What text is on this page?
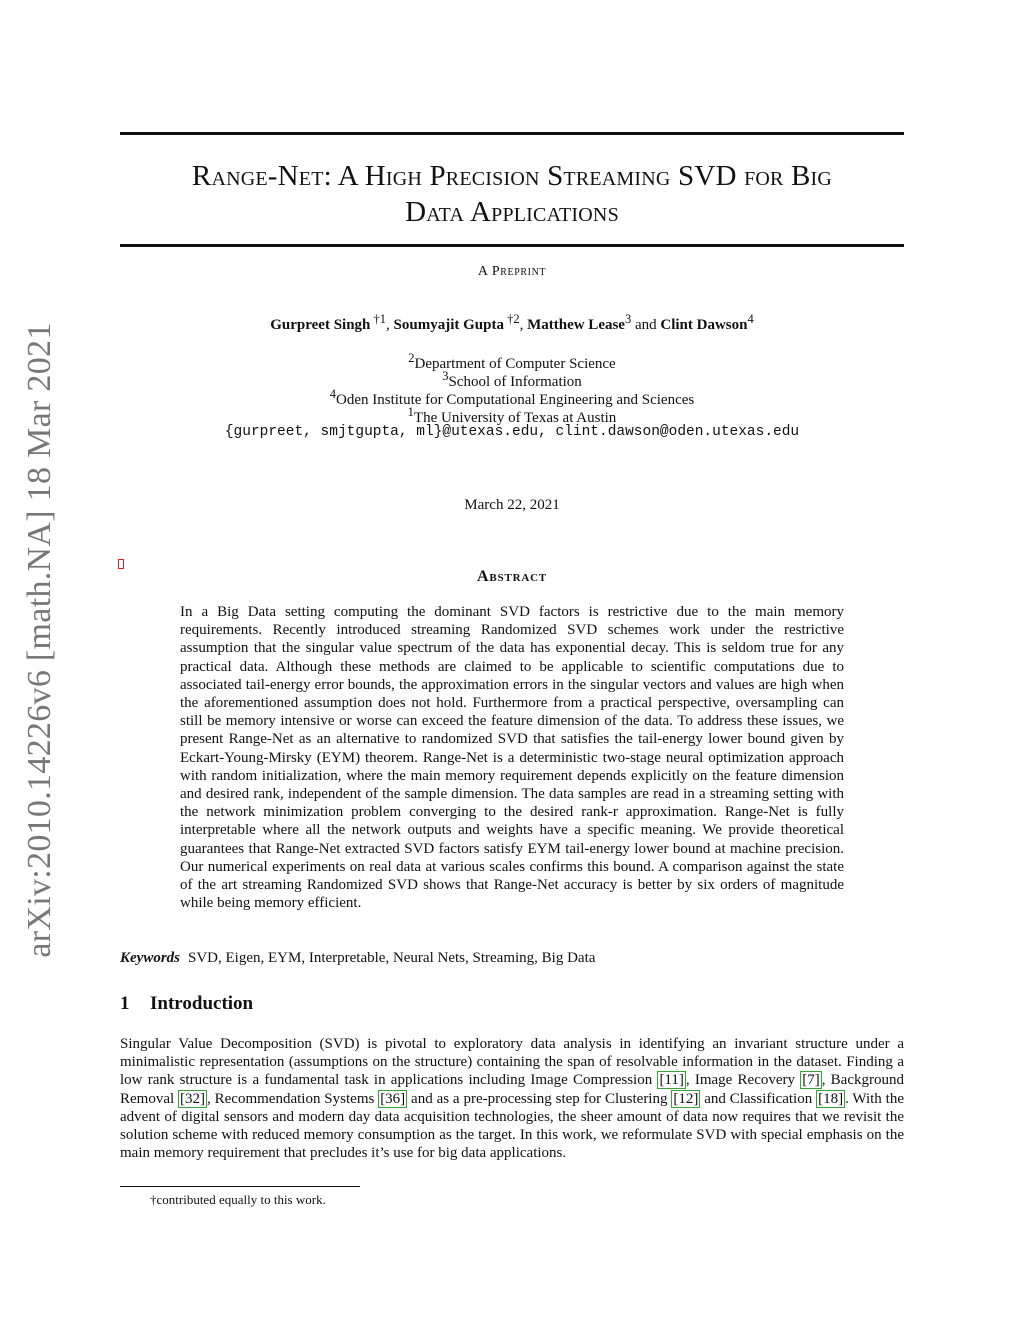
arXiv:2010.14226v6 [math.NA] 18 Mar 2021
Range-Net: A High Precision Streaming SVD for Big
Data Applications
A Preprint
Gurpreet Singh $^{\dagger 1}$, Soumyajit Gupta $^{\dagger 2}$, Matthew Lease$^3$ and Clint Dawson$^4$
$^2$Department of Computer Science
$^3$School of Information
$^4$Oden Institute for Computational Engineering and Sciences
$^1$The University of Texas at Austin
{gurpreet, smjtgupta, ml}@utexas.edu, clint.dawson@oden.utexas.edu
March 22, 2021
Abstract

In a Big Data setting computing the dominant SVD factors is restrictive due to the main memory requirements. Recently introduced streaming Randomized SVD schemes work under the restrictive assumption that the singular value spectrum of the data has exponential decay. This is seldom true for any practical data. Although these methods are claimed to be applicable to scientific computations due to associated tail-energy error bounds, the approximation errors in the singular vectors and values are high when the aforementioned assumption does not hold. Furthermore from a practical perspective, oversampling can still be memory intensive or worse can exceed the feature dimension of the data. To address these issues, we present Range-Net as an alternative to randomized SVD that satisfies the tail-energy lower bound given by Eckart-Young-Mirsky (EYM) theorem. Range-Net is a deterministic two-stage neural optimization approach with random initialization, where the main memory requirement depends explicitly on the feature dimension and desired rank, independent of the sample dimension. The data samples are read in a streaming setting with the network minimization problem converging to the desired rank-r approximation. Range-Net is fully interpretable where all the network outputs and weights have a specific meaning. We provide theoretical guarantees that Range-Net extracted SVD factors satisfy EYM tail-energy lower bound at machine precision. Our numerical experiments on real data at various scales confirms this bound. A comparison against the state of the art streaming Randomized SVD shows that Range-Net accuracy is better by six orders of magnitude while being memory efficient.

Keywords SVD, Eigen, EYM, Interpretable, Neural Nets, Streaming, Big Data
1 Introduction

Singular Value Decomposition (SVD) is pivotal to exploratory data analysis in identifying an invariant structure under a minimalistic representation (assumptions on the structure) containing the span of resolvable information in the dataset. Finding a low rank structure is a fundamental task in applications including Image Compression [11] , Image Recovery [7] , Background Removal [32] , Recommendation Systems [36] and as a pre-processing step for Clustering [12] and Classification [18] . With the advent of digital sensors and modern day data acquisition technologies, the sheer amount of data now requires that we revisit the solution scheme with reduced memory consumption as the target. In this work, we reformulate SVD with special emphasis on the main memory requirement that precludes it’s use for big data applications.

†contributed equally to this work.
